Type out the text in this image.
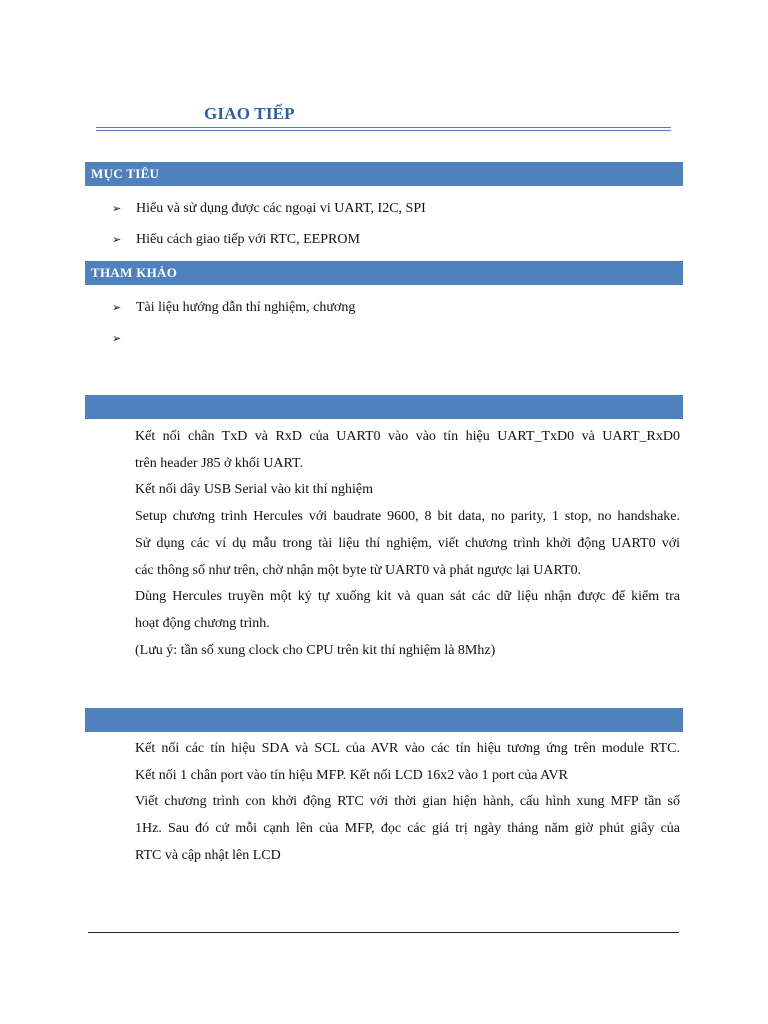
GIAO TIẾP
MỤC TIÊU
➢ Hiểu và sử dụng được các ngoại vi UART, I2C, SPI
➢ Hiểu cách giao tiếp với RTC, EEPROM
THAM KHẢO
➢ Tài liệu hướng dẫn thí nghiệm, chương
➢
Kết nối chân TxD và RxD của UART0 vào vào tín hiệu UART_TxD0 và UART_RxD0
trên header J85 ở khối UART.
Kết nối dây USB Serial vào kit thí nghiệm
Setup chương trình Hercules với baudrate 9600, 8 bit data, no parity, 1 stop, no handshake.
Sử dụng các ví dụ mẫu trong tài liệu thí nghiệm, viết chương trình khởi động UART0 với
các thông số như trên, chờ nhận một byte từ UART0 và phát ngược lại UART0.
Dùng Hercules truyền một ký tự xuống kit và quan sát các dữ liệu nhận được để kiểm tra
hoạt động chương trình.
(Lưu ý: tần số xung clock cho CPU trên kit thí nghiệm là 8Mhz)
Kết nối các tín hiệu SDA và SCL của AVR vào các tín hiệu tương ứng trên module RTC.
Kết nối 1 chân port vào tín hiệu MFP. Kết nối LCD 16x2 vào 1 port của AVR
Viết chương trình con khởi động RTC với thời gian hiện hành, cấu hình xung MFP tần số
1Hz. Sau đó cứ mỗi cạnh lên của MFP, đọc các giá trị ngày tháng năm giờ phút giây của
RTC và cập nhật lên LCD
